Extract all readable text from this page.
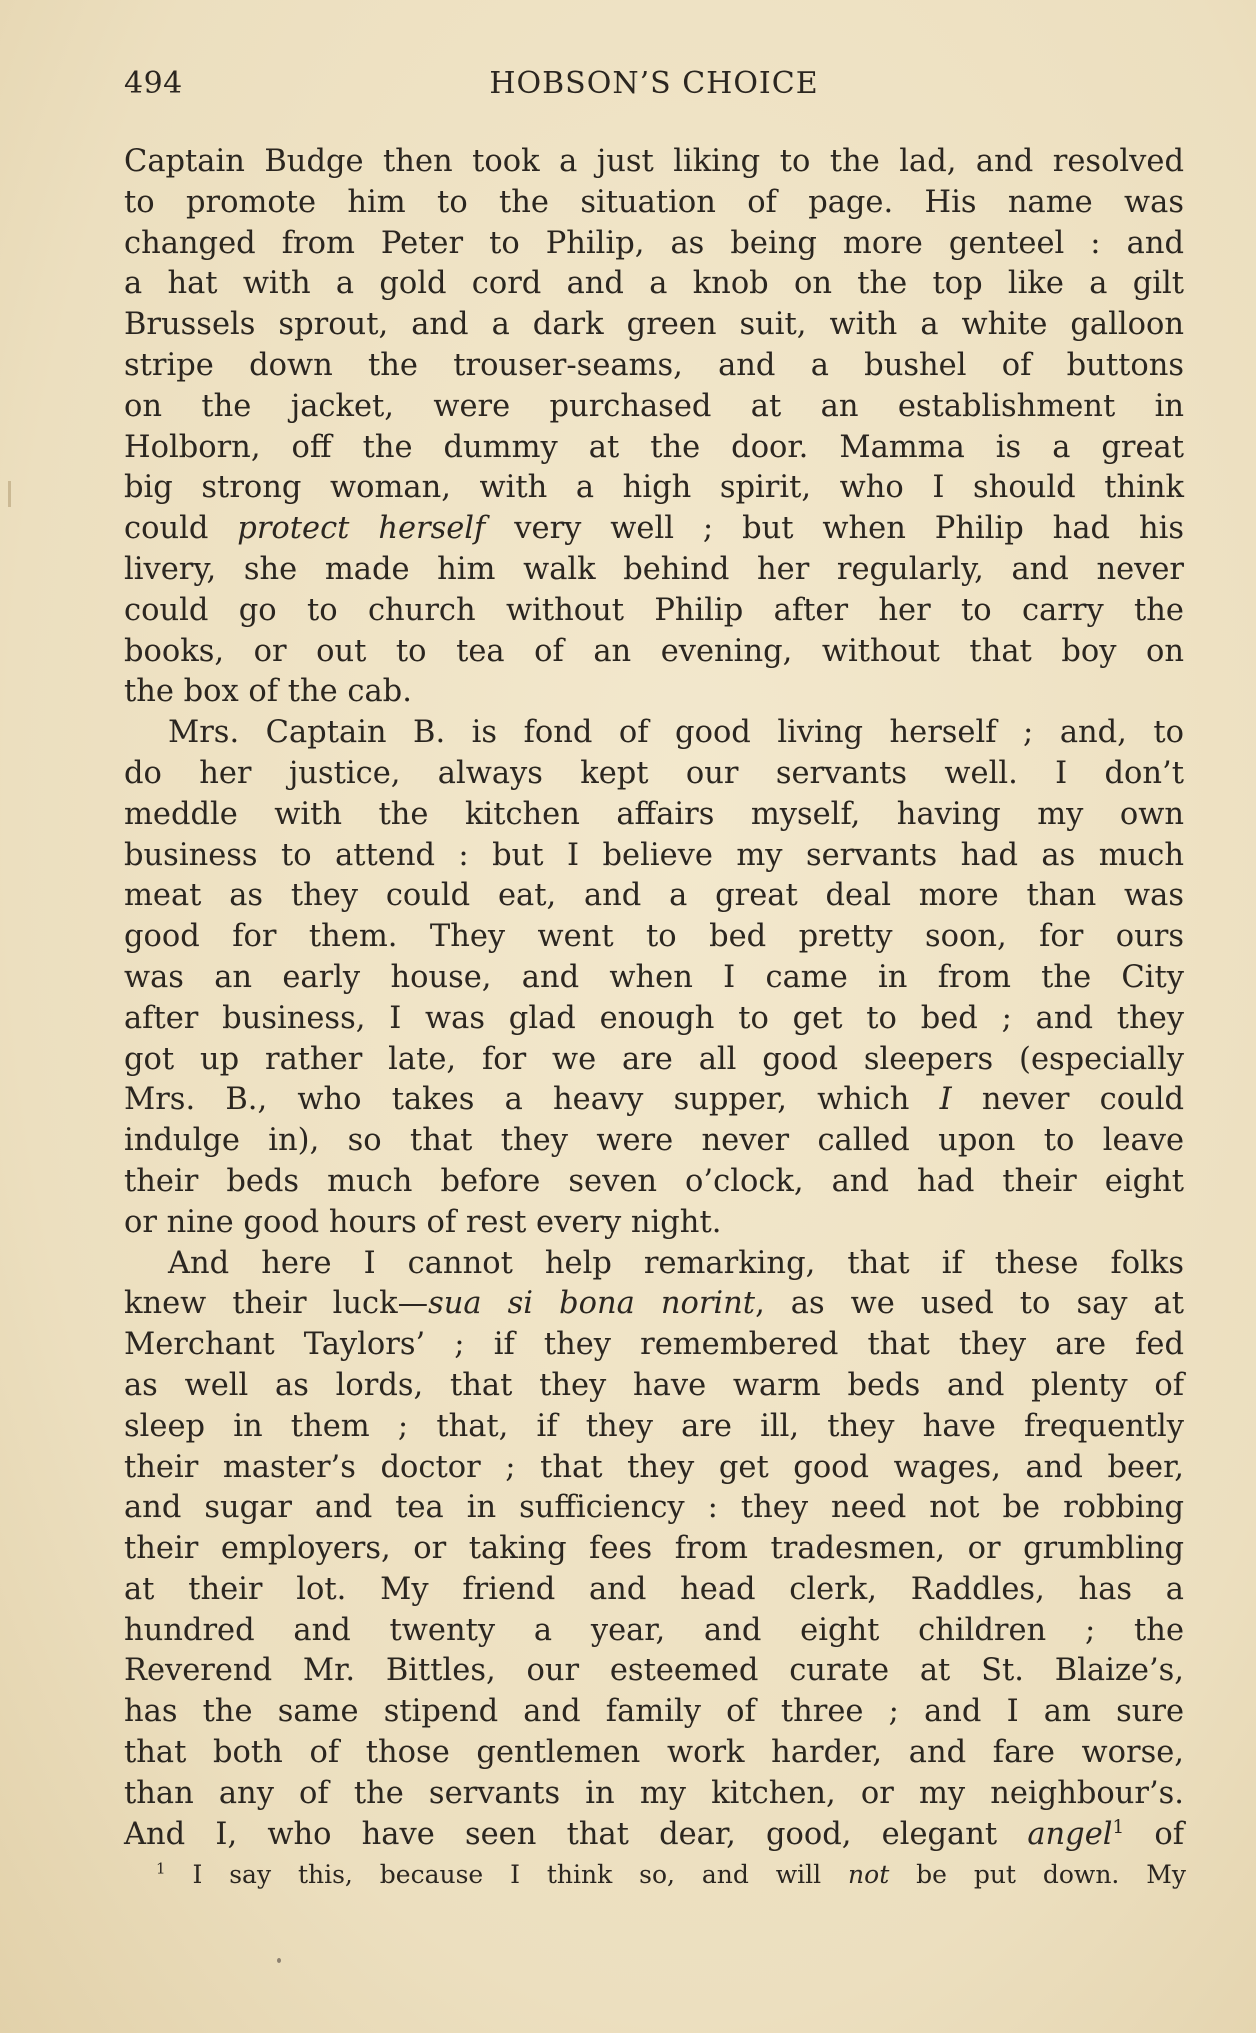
494	HOBSON’S CHOICE
Captain Budge then took a just liking to the lad, and resolved
to promote him to the situation of page. His name was
changed from Peter to Philip, as being more genteel : and
a hat with a gold cord and a knob on the top like a gilt
Brussels sprout, and a dark green suit, with a white galloon
stripe down the trouser-seams, and a bushel of buttons
on the jacket, were purchased at an establishment in
Holborn, off the dummy at the door. Mamma is a great
big strong woman, with a high spirit, who I should think
could protect herself very well ; but when Philip had his
livery, she made him walk behind her regularly, and never
could go to church without Philip after her to carry the
books, or out to tea of an evening, without that boy on
the box of the cab.
Mrs. Captain B. is fond of good living herself ; and, to
do her justice, always kept our servants well. I don’t
meddle with the kitchen affairs myself, having my own
business to attend : but I believe my servants had as much
meat as they could eat, and a great deal more than was
good for them. They went to bed pretty soon, for ours
was an early house, and when I came in from the City
after business, I was glad enough to get to bed ; and they
got up rather late, for we are all good sleepers (especially
Mrs. B., who takes a heavy supper, which I never could
indulge in), so that they were never called upon to leave
their beds much before seven o’clock, and had their eight
or nine good hours of rest every night.
And here I cannot help remarking, that if these folks
knew their luck—sua si bona norint, as we used to say at
Merchant Taylors’ ; if they remembered that they are fed
as well as lords, that they have warm beds and plenty of
sleep in them ; that, if they are ill, they have frequently
their master’s doctor ; that they get good wages, and beer,
and sugar and tea in sufficiency : they need not be robbing
their employers, or taking fees from tradesmen, or grumbling
at their lot. My friend and head clerk, Raddles, has a
hundred and twenty a year, and eight children ; the
Reverend Mr. Bittles, our esteemed curate at St. Blaize’s,
has the same stipend and family of three ; and I am sure
that both of those gentlemen work harder, and fare worse,
than any of the servants in my kitchen, or my neighbour’s.
And I, who have seen that dear, good, elegant angel$^1$ of
$^1$ I say this, because I think so, and will not be put down. My
